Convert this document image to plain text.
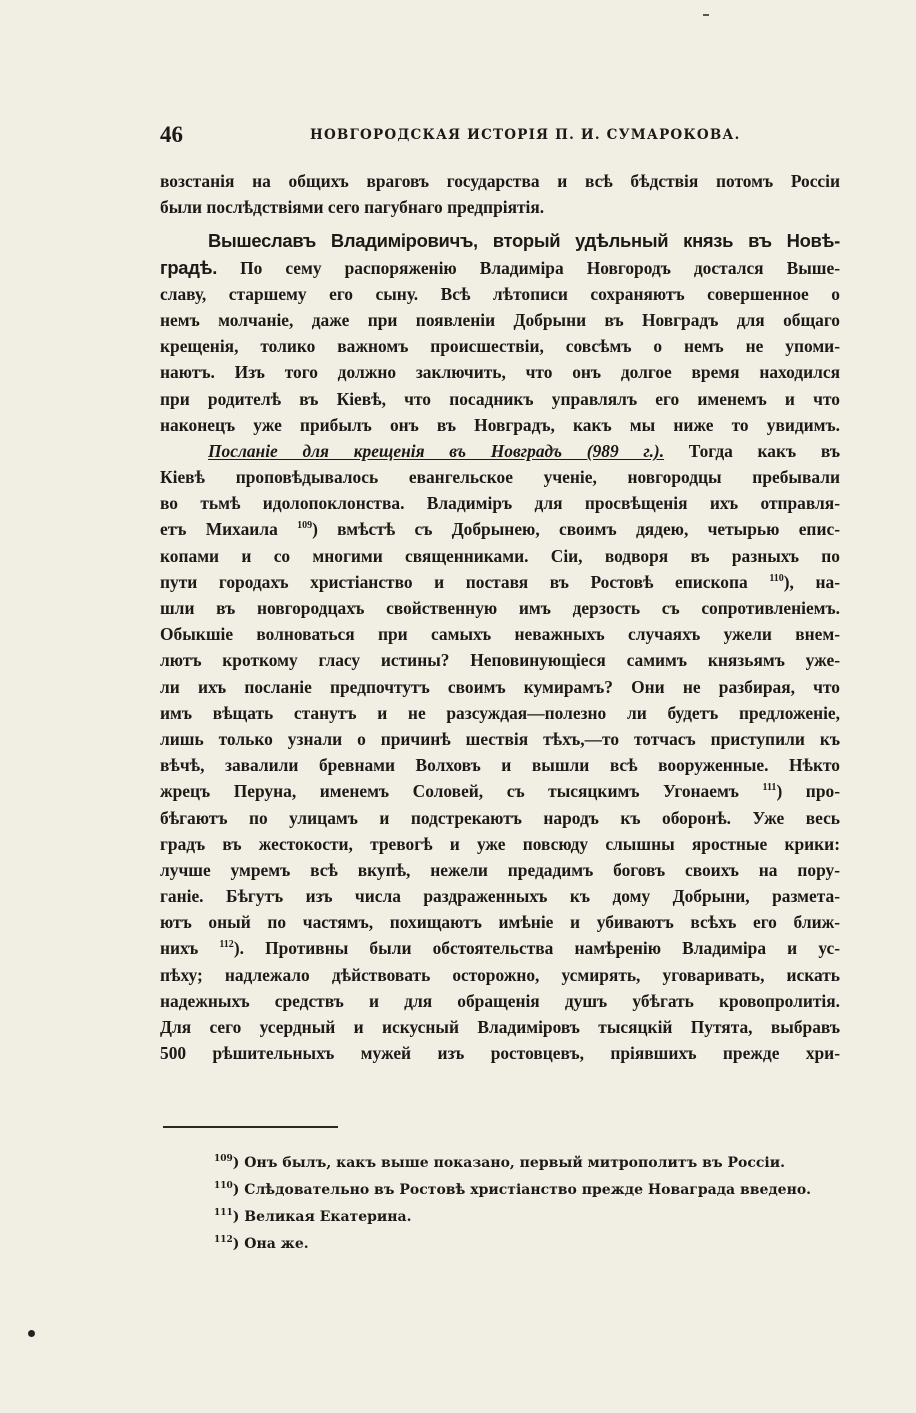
46	НОВГОРОДСКАЯ ИСТОРІЯ П. И. СУМАРОКОВА.
возстанія на общихъ враговъ государства и всѣ бѣдствія потомъ Россіи
были послѣдствіями сего пагубнаго предпріятія.
Вышеславъ Владиміровичъ, вторый удѣльный князь въ Новѣ-
градѣ. По сему распоряженію Владиміра Новгородъ достался Выше-
славу, старшему его сыну. Всѣ лѣтописи сохраняютъ совершенное о
немъ молчаніе, даже при появленіи Добрыни въ Новградъ для общаго
крещенія, толико важномъ происшествіи, совсѣмъ о немъ не упоми-
наютъ. Изъ того должно заключить, что онъ долгое время находился
при родителѣ въ Кіевѣ, что посадникъ управлялъ его именемъ и что
наконецъ уже прибылъ онъ въ Новградъ, какъ мы ниже то увидимъ.
Посланіе для крещенія въ Новградъ (989 г.). Тогда какъ въ
Кіевѣ проповѣдывалось евангельское ученіе, новгородцы пребывали
во тьмѣ идолопоклонства. Владиміръ для просвѣщенія ихъ отправля-
етъ Михаила $^{109}$) вмѣстѣ съ Добрынею, своимъ дядею, четырью епис-
копами и со многими священниками. Сіи, водворя въ разныхъ по
пути городахъ христіанство и поставя въ Ростовѣ епископа $^{110}$), на-
шли въ новгородцахъ свойственную имъ дерзость съ сопротивленіемъ.
Обыкшіе волноваться при самыхъ неважныхъ случаяхъ ужели внем-
лютъ кроткому гласу истины? Неповинующіеся самимъ князьямъ уже-
ли ихъ посланіе предпочтутъ своимъ кумирамъ? Они не разбирая, что
имъ вѣщать станутъ и не разсуждая—полезно ли будетъ предложеніе,
лишь только узнали о причинѣ шествія тѣхъ,—то тотчасъ приступили къ
вѣчѣ, завалили бревнами Волховъ и вышли всѣ вооруженные. Нѣкто
жрецъ Перуна, именемъ Соловей, съ тысяцкимъ Угонаемъ $^{111}$) про-
бѣгаютъ по улицамъ и подстрекаютъ народъ къ оборонѣ. Уже весь
градъ въ жестокости, тревогѣ и уже повсюду слышны яростные крики:
лучше умремъ всѣ вкупѣ, нежели предадимъ боговъ своихъ на пору-
ганіе. Бѣгутъ изъ числа раздраженныхъ къ дому Добрыни, размета-
ютъ оный по частямъ, похищаютъ имѣніе и убиваютъ всѣхъ его ближ-
нихъ $^{112}$). Противны были обстоятельства намѣренію Владиміра и ус-
пѣху; надлежало дѣйствовать осторожно, усмирять, уговаривать, искать
надежныхъ средствъ и для обращенія душъ убѣгать кровопролитія.
Для сего усердный и искусный Владиміровъ тысяцкій Путята, выбравъ
500 рѣшительныхъ мужей изъ ростовцевъ, пріявшихъ прежде хри-
$^{109}$) Онъ былъ, какъ выше показано, первый митрополитъ въ Россіи.
$^{110}$) Слѣдовательно въ Ростовѣ христіанство прежде Новаграда введено.
$^{111}$) Великая Екатерина.
$^{112}$) Она же.
